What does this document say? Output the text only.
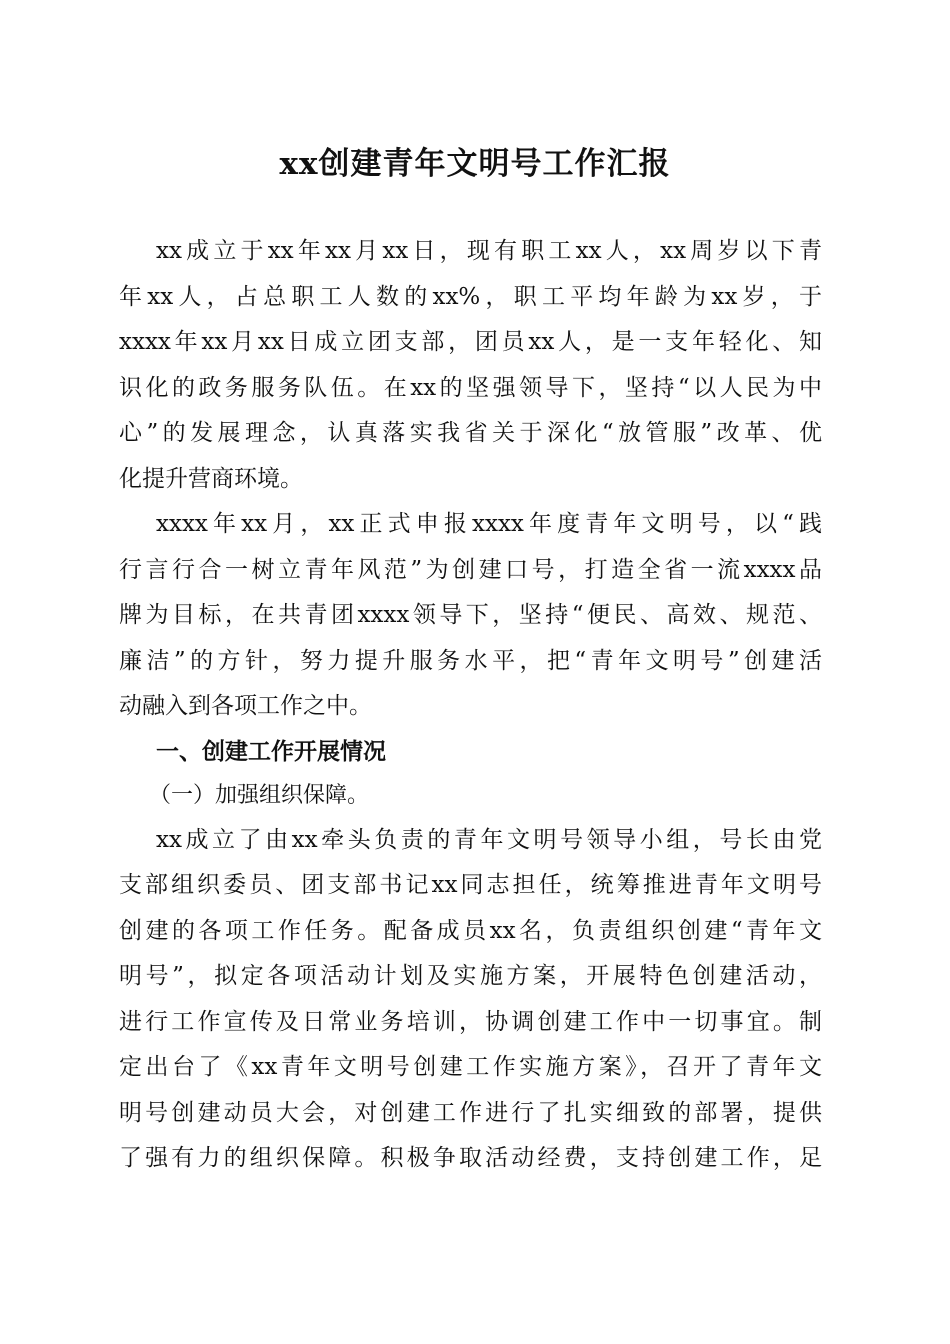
xx创建青年文明号工作汇报
xx成立于xx年xx月xx日，现有职工xx人，xx周岁以下青
年xx人，占总职工人数的xx%，职工平均年龄为xx岁，于
xxxx年xx月xx日成立团支部，团员xx人，是一支年轻化、知
识化的政务服务队伍。在xx的坚强领导下，坚持“以人民为中
心”的发展理念，认真落实我省关于深化“放管服”改革、优
化提升营商环境。
xxxx年xx月，xx正式申报xxxx年度青年文明号，以“践
行言行合一树立青年风范”为创建口号，打造全省一流xxxx品
牌为目标，在共青团xxxx领导下，坚持“便民、高效、规范、
廉洁”的方针，努力提升服务水平，把“青年文明号”创建活
动融入到各项工作之中。
一、创建工作开展情况
（一）加强组织保障。
xx成立了由xx牵头负责的青年文明号领导小组，号长由党
支部组织委员、团支部书记xx同志担任，统筹推进青年文明号
创建的各项工作任务。配备成员xx名，负责组织创建“青年文
明号”，拟定各项活动计划及实施方案，开展特色创建活动，
进行工作宣传及日常业务培训，协调创建工作中一切事宜。制
定出台了《xx青年文明号创建工作实施方案》，召开了青年文
明号创建动员大会，对创建工作进行了扎实细致的部署，提供
了强有力的组织保障。积极争取活动经费，支持创建工作，足
